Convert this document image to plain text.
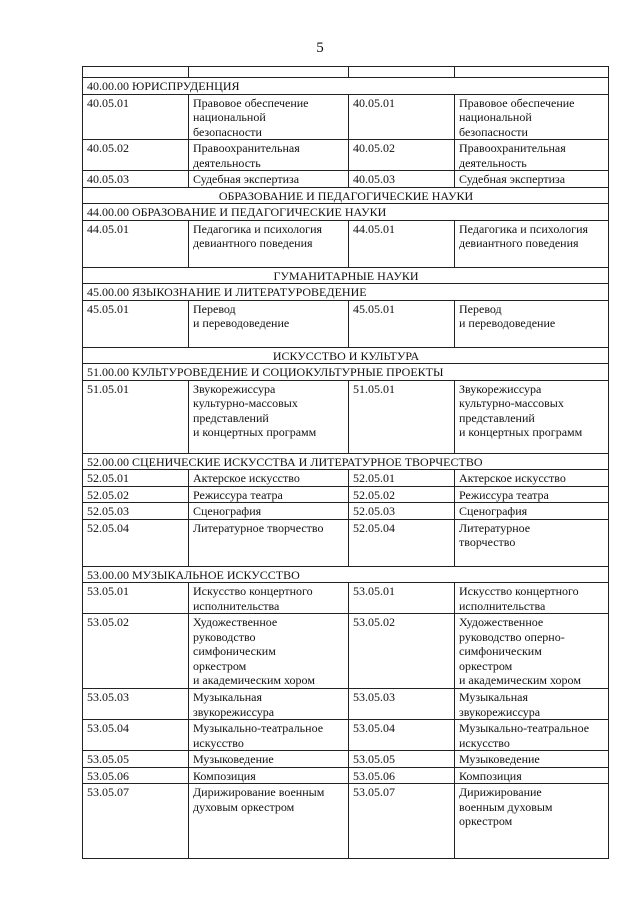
5

40.00.00 ЮРИСПРУДЕНЦИЯ			
40.05.01	Правовое обеспечение
национальной
безопасности	40.05.01	Правовое обеспечение
национальной
безопасности
40.05.02	Правоохранительная
деятельность	40.05.02	Правоохранительная
деятельность
40.05.03	Судебная экспертиза	40.05.03	Судебная экспертиза
ОБРАЗОВАНИЕ И ПЕДАГОГИЧЕСКИЕ НАУКИ			
44.00.00 ОБРАЗОВАНИЕ И ПЕДАГОГИЧЕСКИЕ НАУКИ			
44.05.01	Педагогика и психология
девиантного поведения	44.05.01	Педагогика и психология
девиантного поведения
ГУМАНИТАРНЫЕ НАУКИ			
45.00.00 ЯЗЫКОЗНАНИЕ И ЛИТЕРАТУРОВЕДЕНИЕ			
45.05.01	Перевод
и переводоведение	45.05.01	Перевод
и переводоведение
ИСКУССТВО И КУЛЬТУРА			
51.00.00 КУЛЬТУРОВЕДЕНИЕ И СОЦИОКУЛЬТУРНЫЕ ПРОЕКТЫ			
51.05.01	Звукорежиссура
культурно-массовых
представлений
и концертных программ	51.05.01	Звукорежиссура
культурно-массовых
представлений
и концертных программ
52.00.00 СЦЕНИЧЕСКИЕ ИСКУССТВА И ЛИТЕРАТУРНОЕ ТВОРЧЕСТВО			
52.05.01	Актерское искусство	52.05.01	Актерское искусство
52.05.02	Режиссура театра	52.05.02	Режиссура театра
52.05.03	Сценография	52.05.03	Сценография
52.05.04	Литературное творчество	52.05.04	Литературное
творчество
53.00.00 МУЗЫКАЛЬНОЕ ИСКУССТВО			
53.05.01	Искусство концертного
исполнительства	53.05.01	Искусство концертного
исполнительства
53.05.02	Художественное
руководство
симфоническим
оркестром
и академическим хором	53.05.02	Художественное
руководство оперно-
симфоническим
оркестром
и академическим хором
53.05.03	Музыкальная
звукорежиссура	53.05.03	Музыкальная
звукорежиссура
53.05.04	Музыкально-театральное
искусство	53.05.04	Музыкально-театральное
искусство
53.05.05	Музыковедение	53.05.05	Музыковедение
53.05.06	Композиция	53.05.06	Композиция
53.05.07	Дирижирование военным
духовым оркестром	53.05.07	Дирижирование
военным духовым
оркестром
